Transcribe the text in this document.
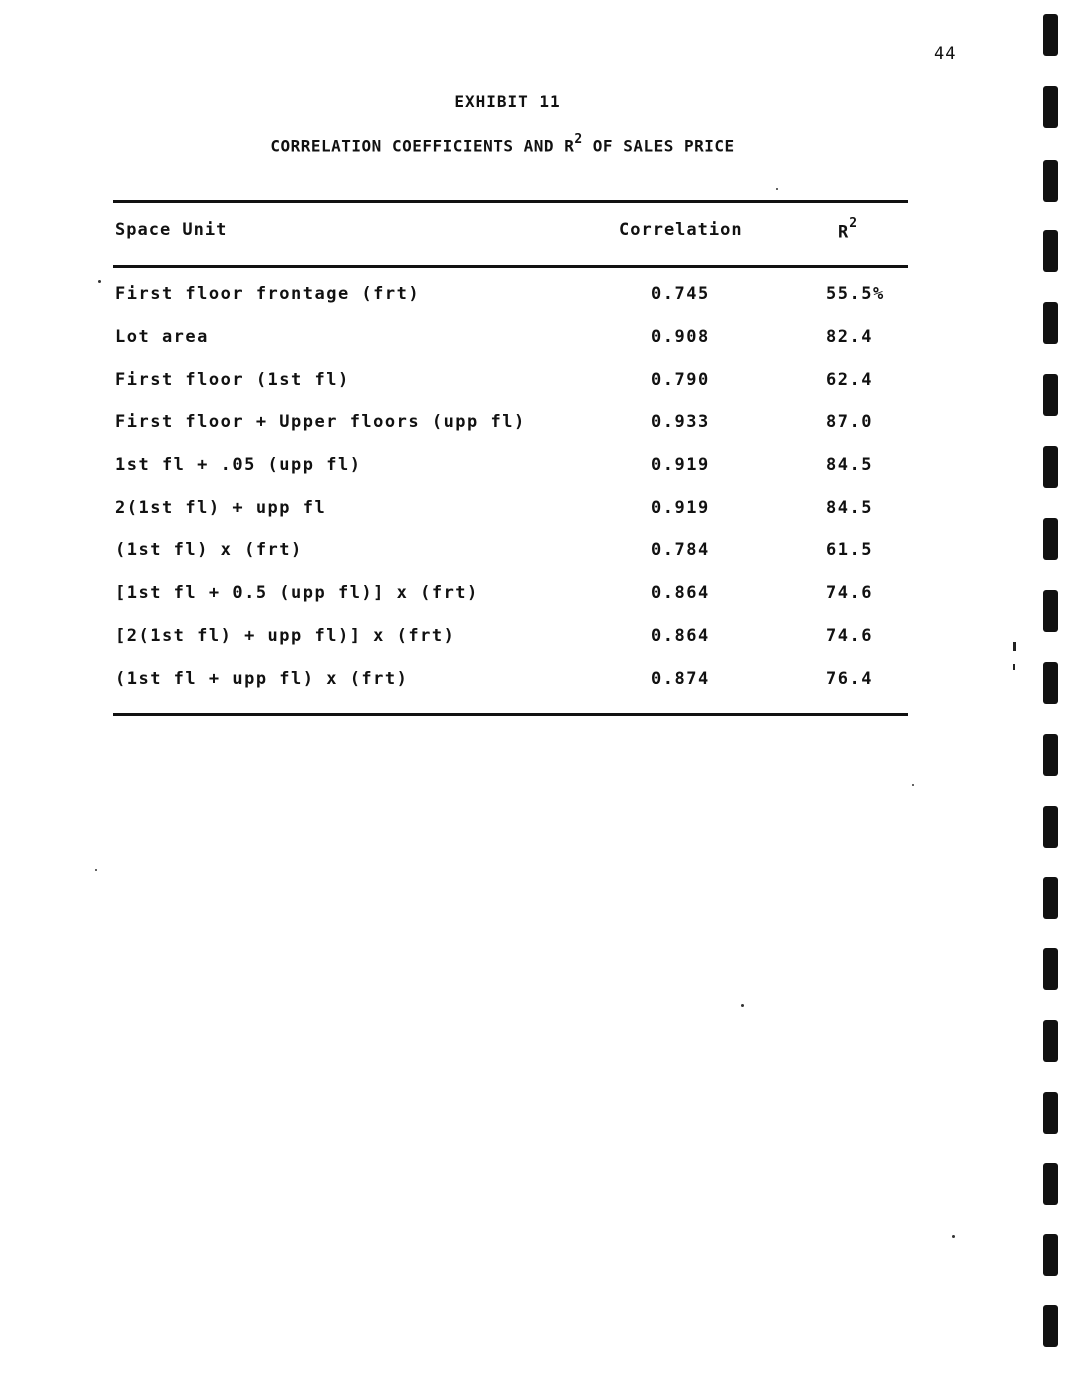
44
EXHIBIT 11
CORRELATION COEFFICIENTS AND $R^2$ OF SALES PRICE
Space Unit	Correlation	$R^2$
First floor frontage (frt)	0.745	55.5%
Lot area	0.908	82.4
First floor (1st fl)	0.790	62.4
First floor + Upper floors (upp fl)	0.933	87.0
1st fl + .05 (upp fl)	0.919	84.5
2(1st fl) + upp fl	0.919	84.5
(1st fl) x (frt)	0.784	61.5
[1st fl + 0.5 (upp fl)] x (frt)	0.864	74.6
[2(1st fl) + upp fl)] x (frt)	0.864	74.6
(1st fl + upp fl) x (frt)	0.874	76.4
